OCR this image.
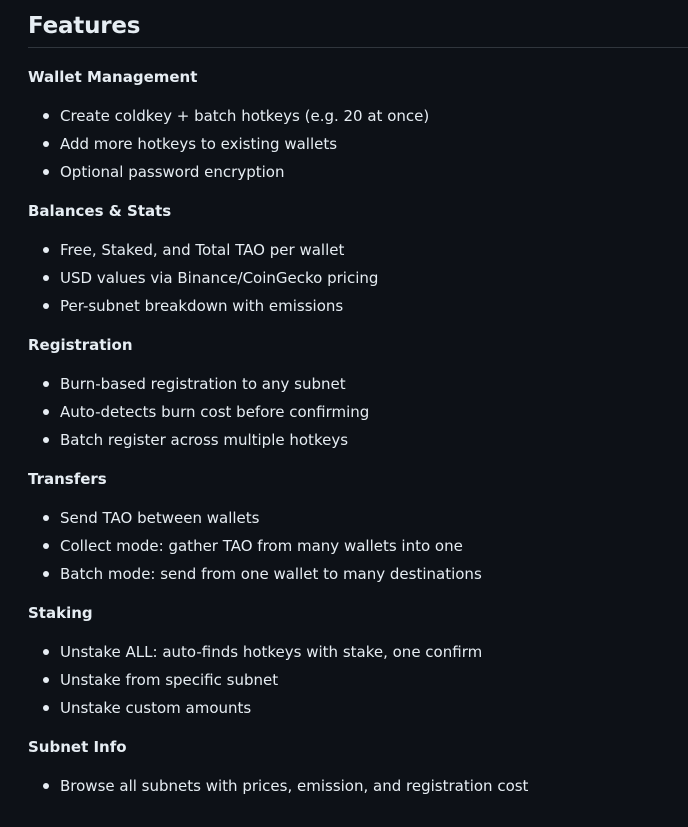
Features
Wallet Management
Create coldkey + batch hotkeys (e.g. 20 at once)
Add more hotkeys to existing wallets
Optional password encryption
Balances & Stats
Free, Staked, and Total TAO per wallet
USD values via Binance/CoinGecko pricing
Per-subnet breakdown with emissions
Registration
Burn-based registration to any subnet
Auto-detects burn cost before confirming
Batch register across multiple hotkeys
Transfers
Send TAO between wallets
Collect mode: gather TAO from many wallets into one
Batch mode: send from one wallet to many destinations
Staking
Unstake ALL: auto-finds hotkeys with stake, one confirm
Unstake from specific subnet
Unstake custom amounts
Subnet Info
Browse all subnets with prices, emission, and registration cost
